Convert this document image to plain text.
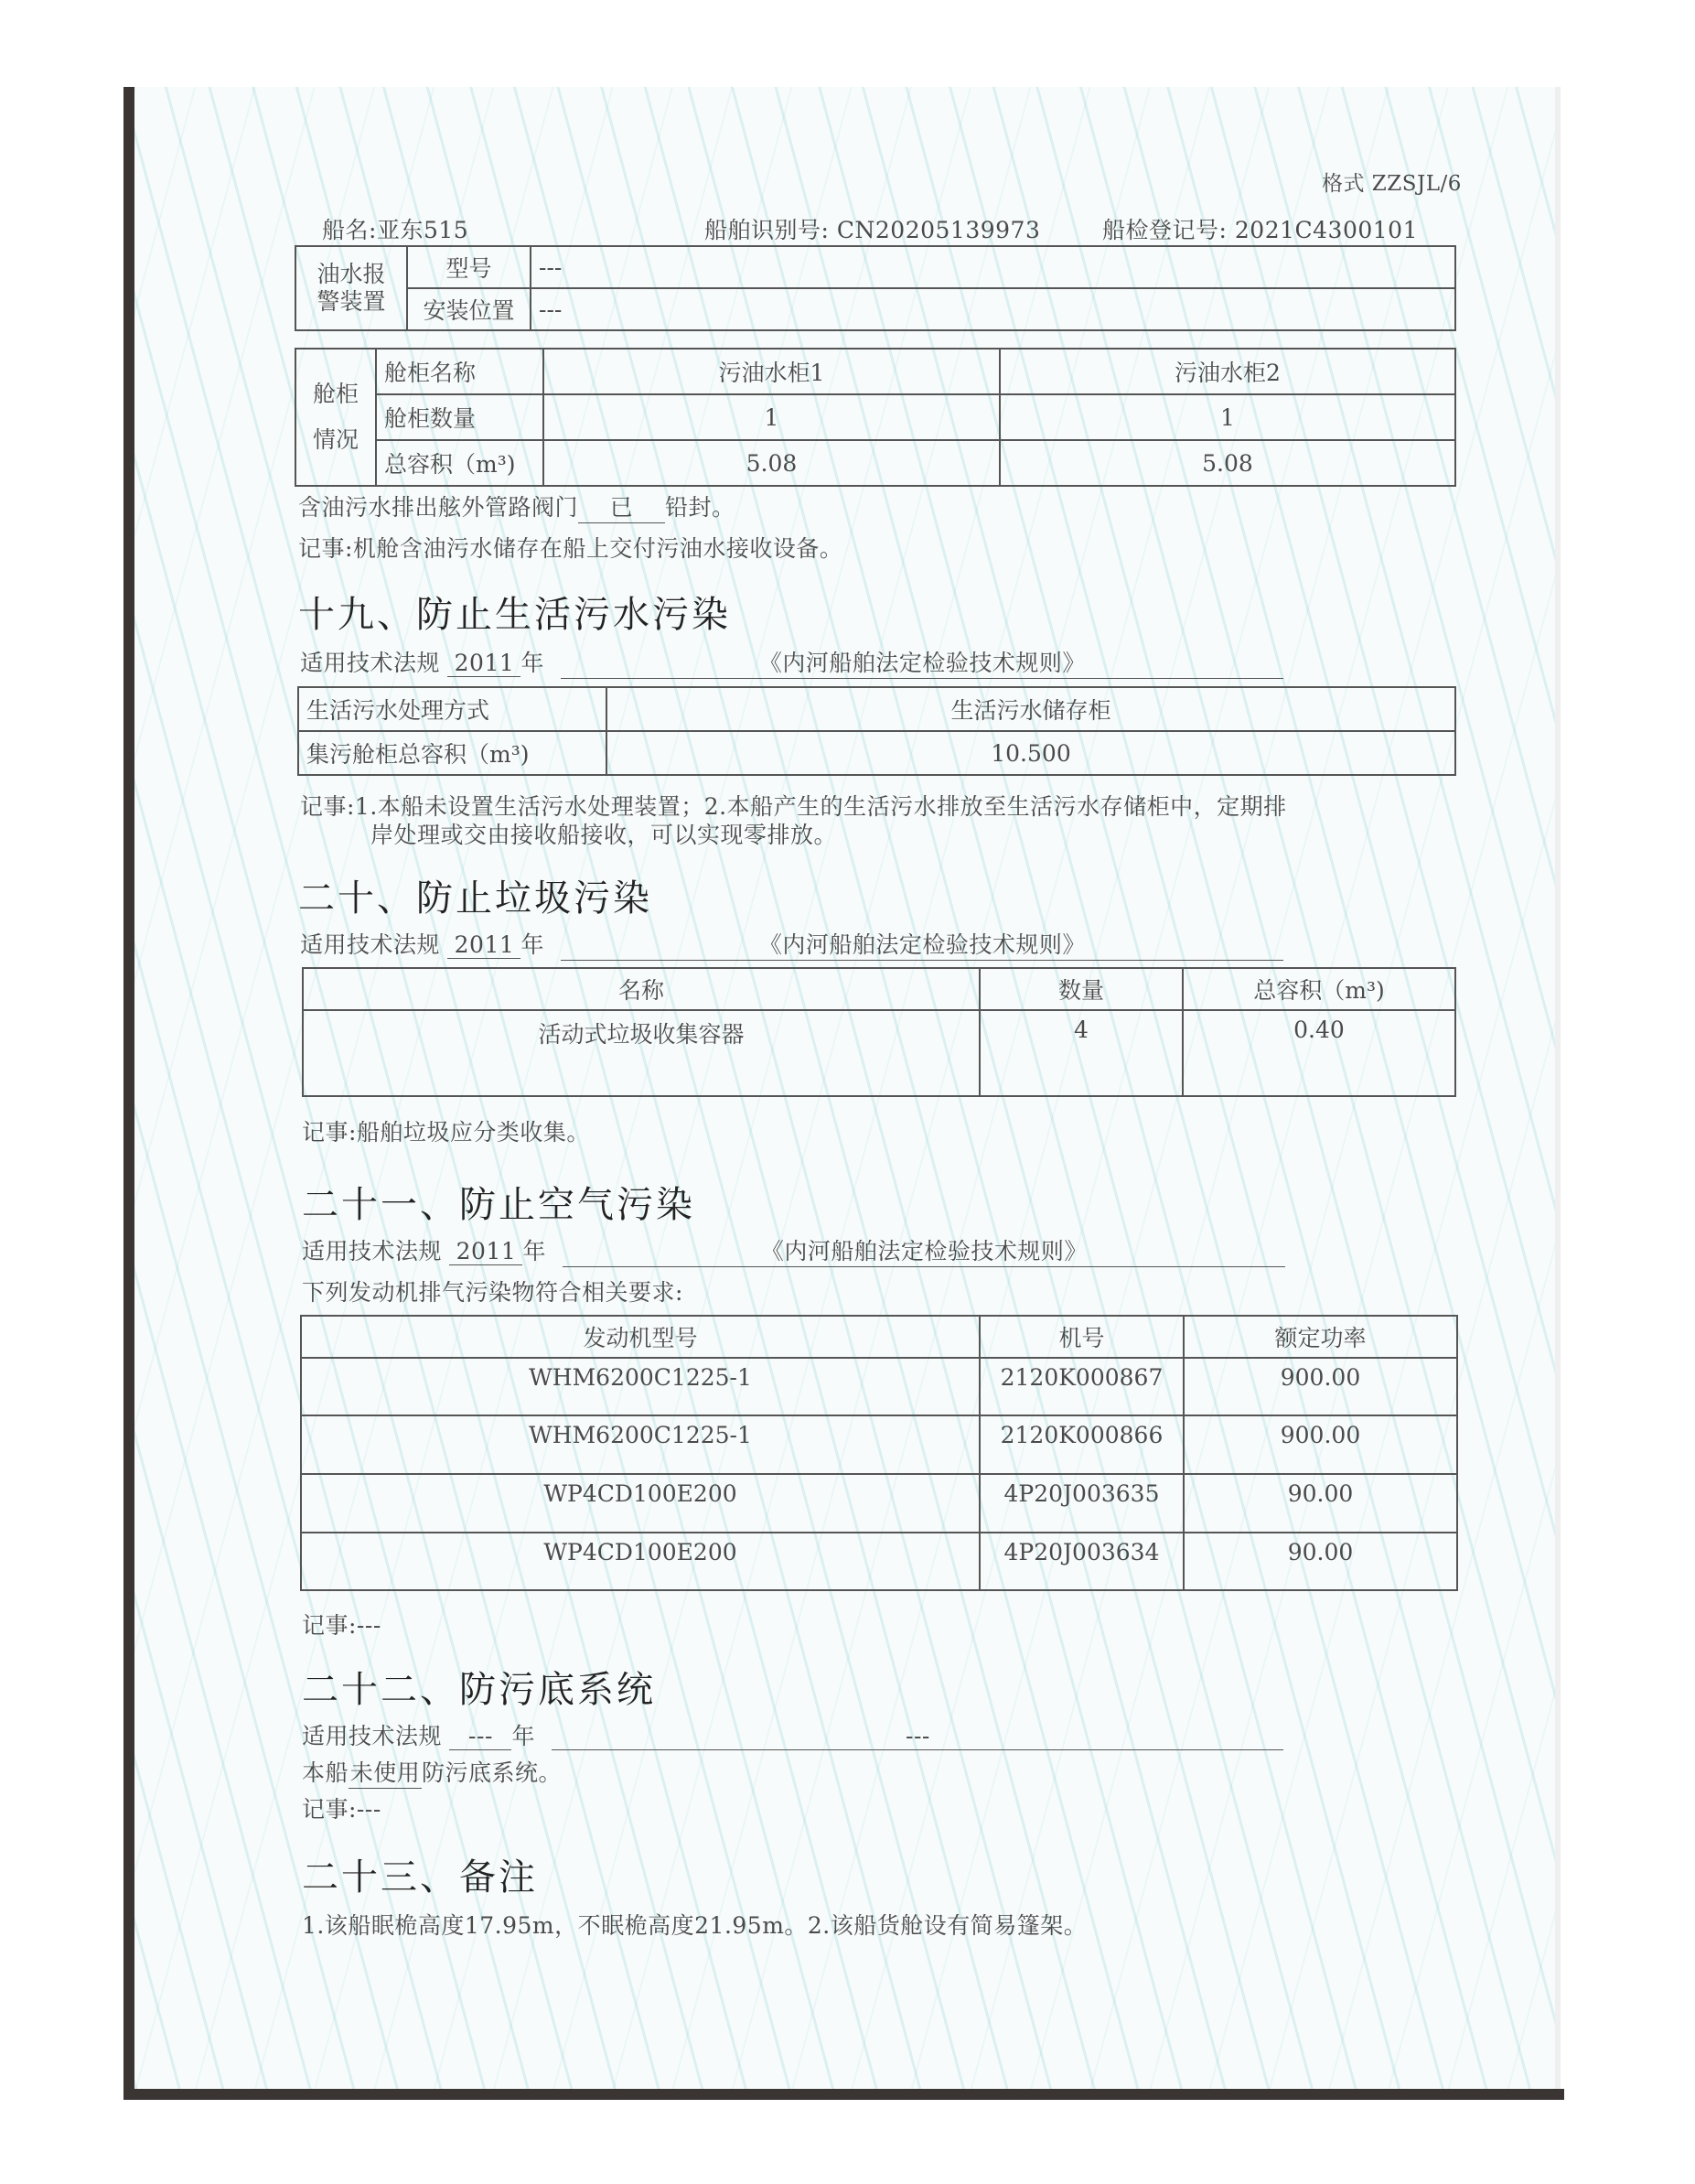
格式 ZZSJL/6
船名:亚东515	船舶识别号: CN20205139973	船检登记号: 2021C4300101
油水报警装置	型号	---
	安装位置	---
舱柜情况	舱柜名称	污油水柜1	污油水柜2
	舱柜数量	1	1
	总容积（m³)	5.08	5.08
含油污水排出舷外管路阀门 已 铅封。
记事:机舱含油污水储存在船上交付污油水接收设备。
十九、防止生活污水污染
适用技术法规 2011 年	《内河船舶法定检验技术规则》
生活污水处理方式	生活污水储存柜
集污舱柜总容积（m³)	10.500
记事:1.本船未设置生活污水处理装置；2.本船产生的生活污水排放至生活污水存储柜中，定期排
岸处理或交由接收船接收，可以实现零排放。
二十、防止垃圾污染
适用技术法规 2011 年	《内河船舶法定检验技术规则》
名称	数量	总容积（m³)
活动式垃圾收集容器	4	0.40
记事:船舶垃圾应分类收集。
二十一、防止空气污染
适用技术法规 2011 年	《内河船舶法定检验技术规则》
下列发动机排气污染物符合相关要求:
发动机型号	机号	额定功率
WHM6200C1225-1	2120K000867	900.00
WHM6200C1225-1	2120K000866	900.00
WP4CD100E200	4P20J003635	90.00
WP4CD100E200	4P20J003634	90.00
记事:---
二十二、防污底系统
适用技术法规 --- 年	---
本船未使用防污底系统。
记事:---
二十三、备注
1.该船眠桅高度17.95m，不眠桅高度21.95m。2.该船货舱设有简易篷架。
